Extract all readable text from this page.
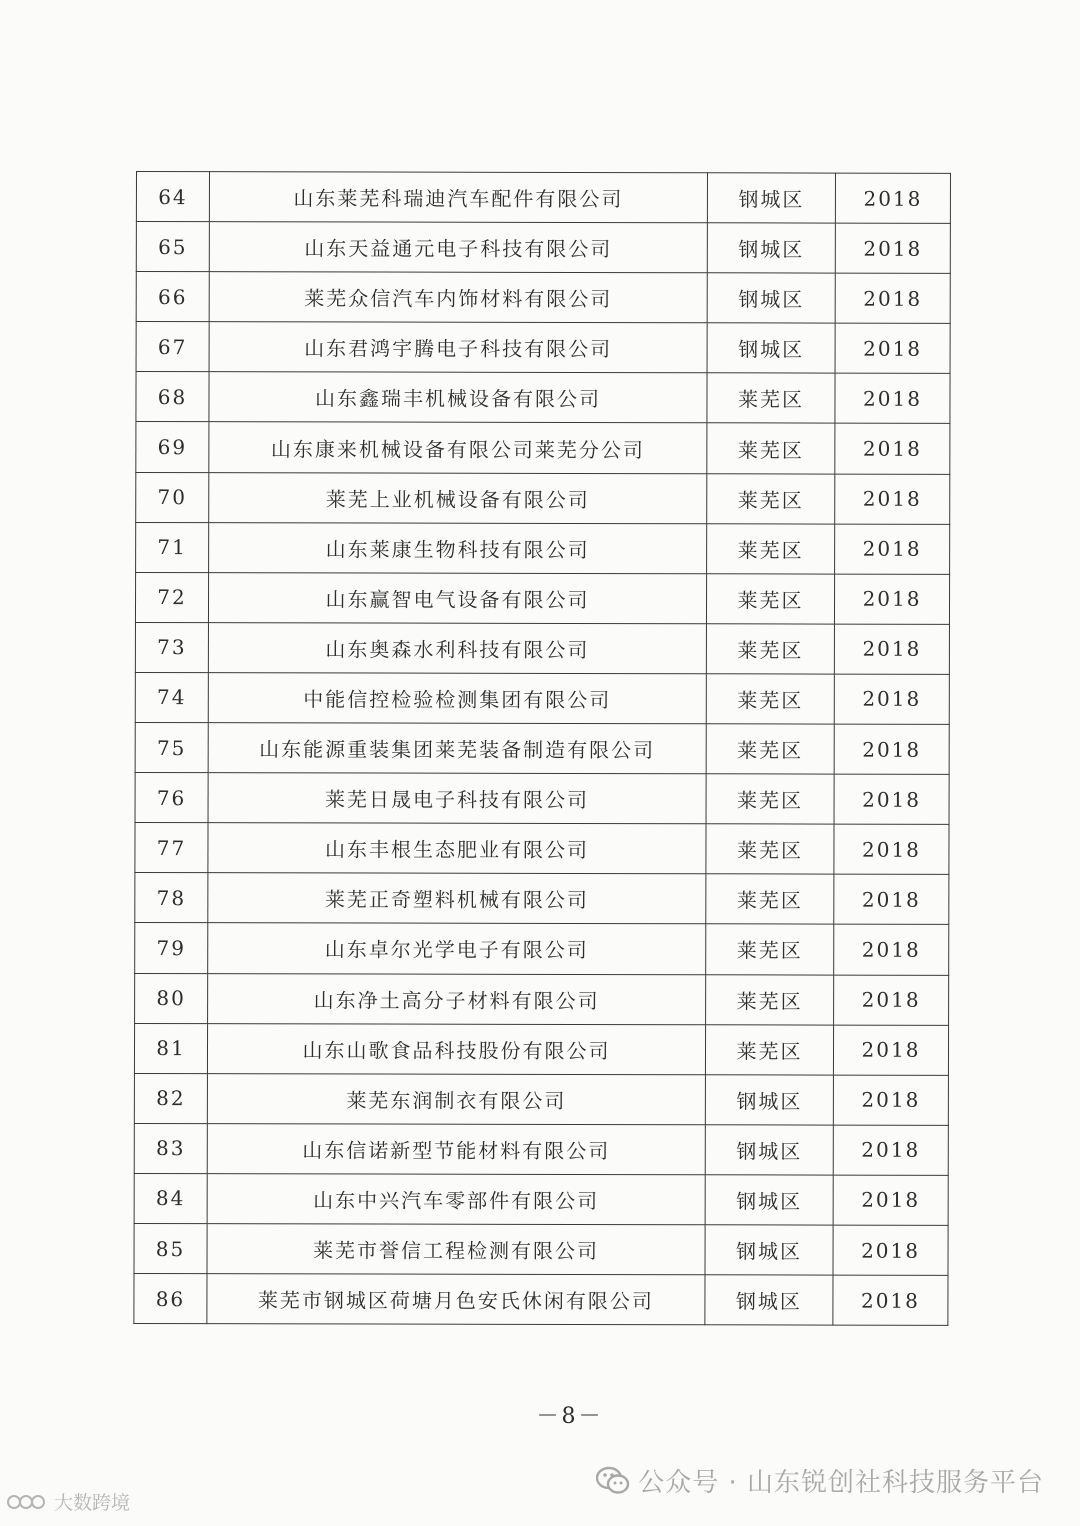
64	山东莱芜科瑞迪汽车配件有限公司	钢城区	2018
65	山东天益通元电子科技有限公司	钢城区	2018
66	莱芜众信汽车内饰材料有限公司	钢城区	2018
67	山东君鸿宇腾电子科技有限公司	钢城区	2018
68	山东鑫瑞丰机械设备有限公司	莱芜区	2018
69	山东康来机械设备有限公司莱芜分公司	莱芜区	2018
70	莱芜上业机械设备有限公司	莱芜区	2018
71	山东莱康生物科技有限公司	莱芜区	2018
72	山东赢智电气设备有限公司	莱芜区	2018
73	山东奥森水利科技有限公司	莱芜区	2018
74	中能信控检验检测集团有限公司	莱芜区	2018
75	山东能源重装集团莱芜装备制造有限公司	莱芜区	2018
76	莱芜日晟电子科技有限公司	莱芜区	2018
77	山东丰根生态肥业有限公司	莱芜区	2018
78	莱芜正奇塑料机械有限公司	莱芜区	2018
79	山东卓尔光学电子有限公司	莱芜区	2018
80	山东净土高分子材料有限公司	莱芜区	2018
81	山东山歌食品科技股份有限公司	莱芜区	2018
82	莱芜东润制衣有限公司	钢城区	2018
83	山东信诺新型节能材料有限公司	钢城区	2018
84	山东中兴汽车零部件有限公司	钢城区	2018
85	莱芜市誉信工程检测有限公司	钢城区	2018
86	莱芜市钢城区荷塘月色安氏休闲有限公司	钢城区	2018
－8－
公众号 · 山东锐创社科技服务平台
大数跨境
